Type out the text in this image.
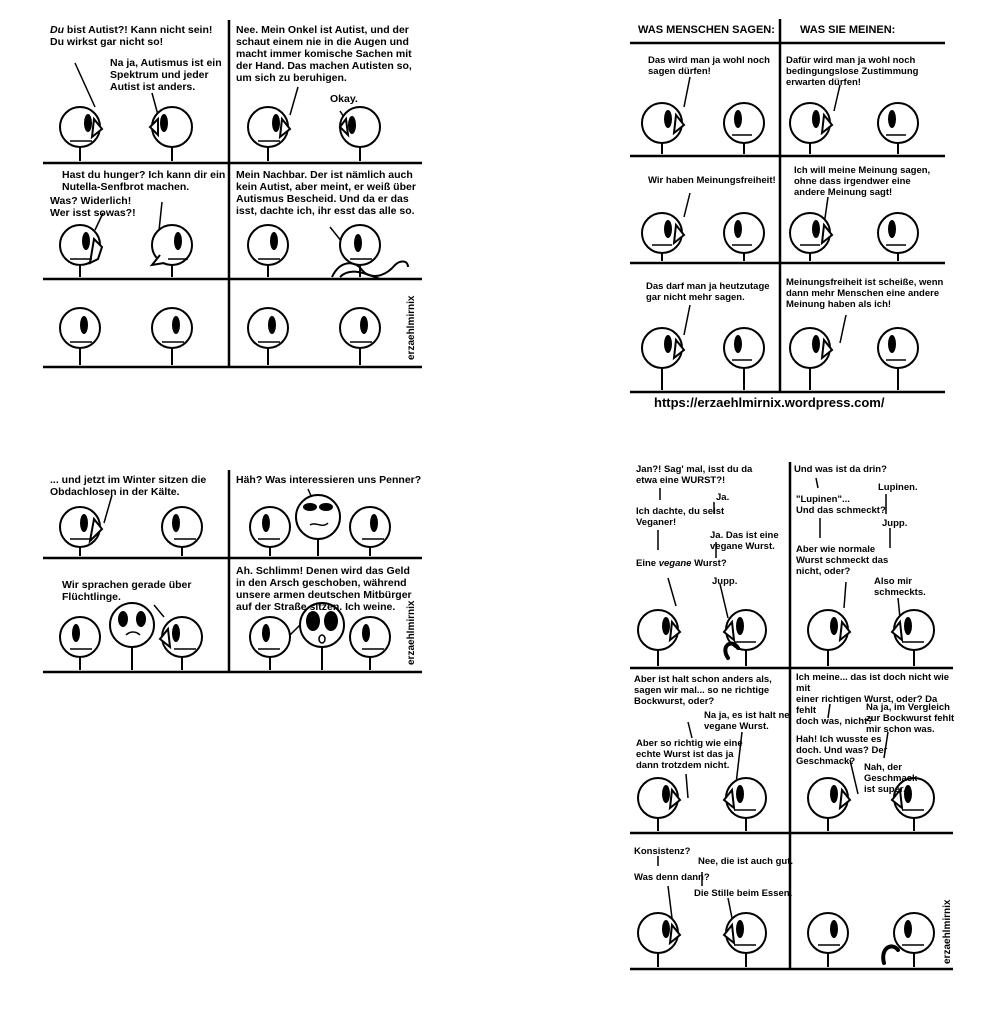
Du bist Autist?! Kann nicht sein!
Du wirkst gar nicht so!
Na ja, Autismus ist ein
Spektrum und jeder
Autist ist anders.
Nee. Mein Onkel ist Autist, und der
schaut einem nie in die Augen und
macht immer komische Sachen mit
der Hand. Das machen Autisten so,
um sich zu beruhigen.
Okay.
Hast du hunger? Ich kann dir ein
Nutella-Senfbrot machen.
Was? Widerlich!
Wer isst sowas?!
Mein Nachbar. Der ist nämlich auch
kein Autist, aber meint, er weiß über
Autismus Bescheid. Und da er das
isst, dachte ich, ihr esst das alle so.
erzaehlmirnix
WAS MENSCHEN SAGEN: WAS SIE MEINEN:
Das wird man ja wohl noch
sagen dürfen!
Dafür wird man ja wohl noch
bedingungslose Zustimmung
erwarten dürfen!
Wir haben Meinungsfreiheit!
Ich will meine Meinung sagen,
ohne dass irgendwer eine
andere Meinung sagt!
Das darf man ja heutzutage
gar nicht mehr sagen.
Meinungsfreiheit ist scheiße, wenn
dann mehr Menschen eine andere
Meinung haben als ich!
https://erzaehlmirnix.wordpress.com/
... und jetzt im Winter sitzen die
Obdachlosen in der Kälte.
Häh? Was interessieren uns Penner?
Wir sprachen gerade über
Flüchtlinge.
Ah. Schlimm! Denen wird das Geld
in den Arsch geschoben, während
unsere armen deutschen Mitbürger
auf der Straße sitzen. Ich weine.	erzaehlmirnix
Jan?! Sag' mal, isst du da
etwa eine WURST?!
Ja.
Ich dachte, du seist
Veganer!
Ja. Das ist eine
vegane Wurst.
Eine vegane Wurst?
Jupp.
Und was ist da drin?
Lupinen.
"Lupinen"...
Und das schmeckt?
Jupp.
Aber wie normale
Wurst schmeckt das
nicht, oder?
Also mir
schmeckts.
Aber ist halt schon anders als,
sagen wir mal... so ne richtige
Bockwurst, oder?
Na ja, es ist halt ne
vegane Wurst.
Aber so richtig wie eine
echte Wurst ist das ja
dann trotzdem nicht.
Ich meine... das ist doch nicht wie mit
einer richtigen Wurst, oder? Da fehlt
doch was, nicht?
Na ja, im Vergleich
zur Bockwurst fehlt
mir schon was.
Hah! Ich wusste es
doch. Und was? Der
Geschmack?
Nah, der Geschmack
ist super.
Konsistenz?
Nee, die ist auch gut.
Was denn dann?
Die Stille beim Essen.
erzaehlmirnix
